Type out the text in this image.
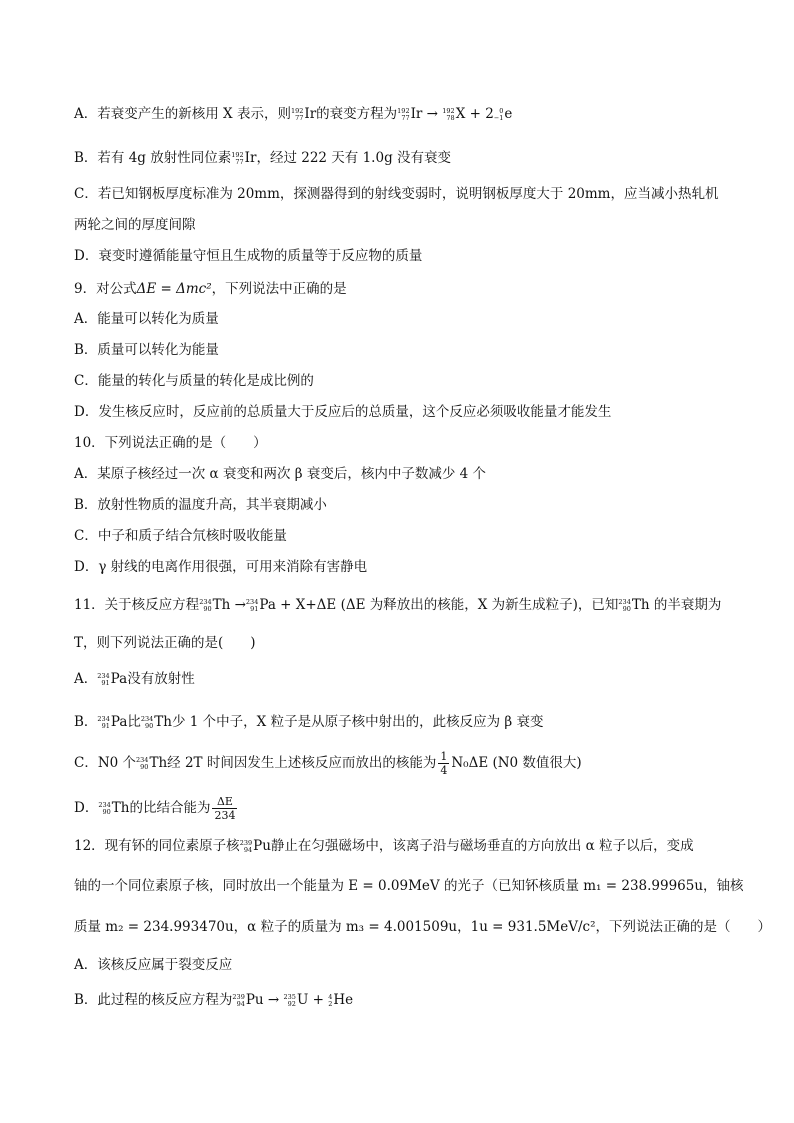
A．若衰变产生的新核用 X 表示，则 192
77 Ir的衰变方程为 192
77 Ir → 192
78 X + 2 0
−1 e
B．若有 4g 放射性同位素 192
77 Ir，经过 222 天有 1.0g 没有衰变
C．若已知钢板厚度标准为 20mm，探测器得到的射线变弱时，说明钢板厚度大于 20mm，应当减小热轧机
两轮之间的厚度间隙
D．衰变时遵循能量守恒且生成物的质量等于反应物的质量
9．对公式ΔE = Δmc²，下列说法中正确的是
A．能量可以转化为质量
B．质量可以转化为能量
C．能量的转化与质量的转化是成比例的
D．发生核反应时，反应前的总质量大于反应后的总质量，这个反应必须吸收能量才能发生
10．下列说法正确的是（　　）
A．某原子核经过一次 α 衰变和两次 β 衰变后，核内中子数减少 4 个
B．放射性物质的温度升高，其半衰期减小
C．中子和质子结合氘核时吸收能量
D．γ 射线的电离作用很强，可用来消除有害静电
11．关于核反应方程 234
90 Th → 234
91 Pa + X+ΔE (ΔE 为释放出的核能，X 为新生成粒子)，已知 234
90 Th 的半衰期为
T，则下列说法正确的是(　　)
A． 234
91 Pa没有放射性
B． 234
91 Pa比 234
90 Th少 1 个中子，X 粒子是从原子核中射出的，此核反应为 β 衰变
C．N0 个 234
90 Th经 2T 时间因发生上述核反应而放出的核能为 $\frac{1}{4} N_0\Delta E$ (N0 数值很大)
D． 234
90 Th的比结合能为 $\frac{\Delta E}{234}$
12．现有钚的同位素原子核 239
94 Pu静止在匀强磁场中，该离子沿与磁场垂直的方向放出 α 粒子以后，变成
铀的一个同位素原子核，同时放出一个能量为 E = 0.09MeV 的光子（已知钚核质量 m₁ = 238.99965u，铀核
质量 m₂ = 234.993470u，α 粒子的质量为 m₃ = 4.001509u，1u = 931.5MeV/c²，下列说法正确的是（　　）
A．该核反应属于裂变反应
B．此过程的核反应方程为 239
94 Pu → 235
92 U + 4
2 He
